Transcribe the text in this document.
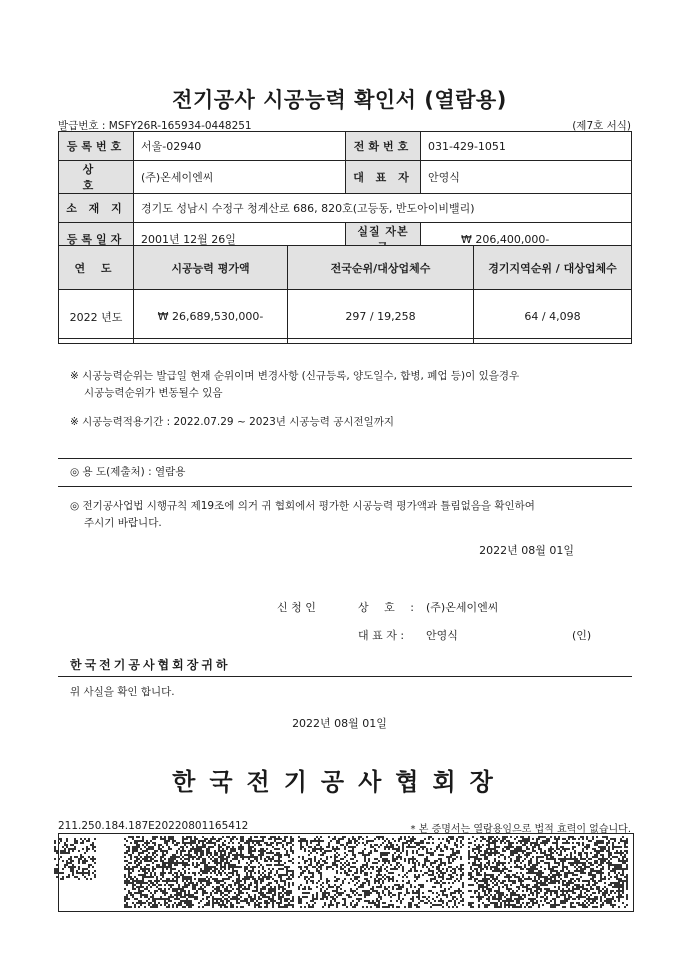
전기공사 시공능력 확인서 (열람용)
발급번호 : MSFY26R-165934-0448251	(제7호 서식)
등록번호	서울-02940	전화번호	031-429-1051
상 호	(주)온세이엔씨	대 표 자	안영식
소 재 지	경기도 성남시 수정구 청계산로 686, 820호(고등동, 반도아이비밸리)		
등록일자	2001년 12월 26일	실질 자본	₩ 206,400,000-
연 도	시공능력 평가액	전국순위/대상업체수	경기지역순위 / 대상업체수
2022 년도	₩ 26,689,530,000-	297 / 19,258	64 / 4,098
※ 시공능력순위는 발급일 현재 순위이며 변경사항 (신규등록, 양도일수, 합병, 폐업 등)이 있을경우
시공능력순위가 변동될수 있음
※ 시공능력적용기간 : 2022.07.29 ~ 2023년 시공능력 공시전일까지
◎ 용 도(제출처) : 열람용
◎ 전기공사업법 시행규칙 제19조에 의거 귀 협회에서 평가한 시공능력 평가액과 틀림없음을 확인하여
주시기 바랍니다.
2022년 08월 01일
신 청 인	상 호 : (주)온세이엔씨
대 표 자 : 안영식	(인)
한국전기공사협회장귀하
위 사실을 확인 합니다.
2022년 08월 01일
한국전기공사협회장
211.250.184.187E20220801165412	* 본 증명서는 열람용임으로 법적 효력이 없습니다.
